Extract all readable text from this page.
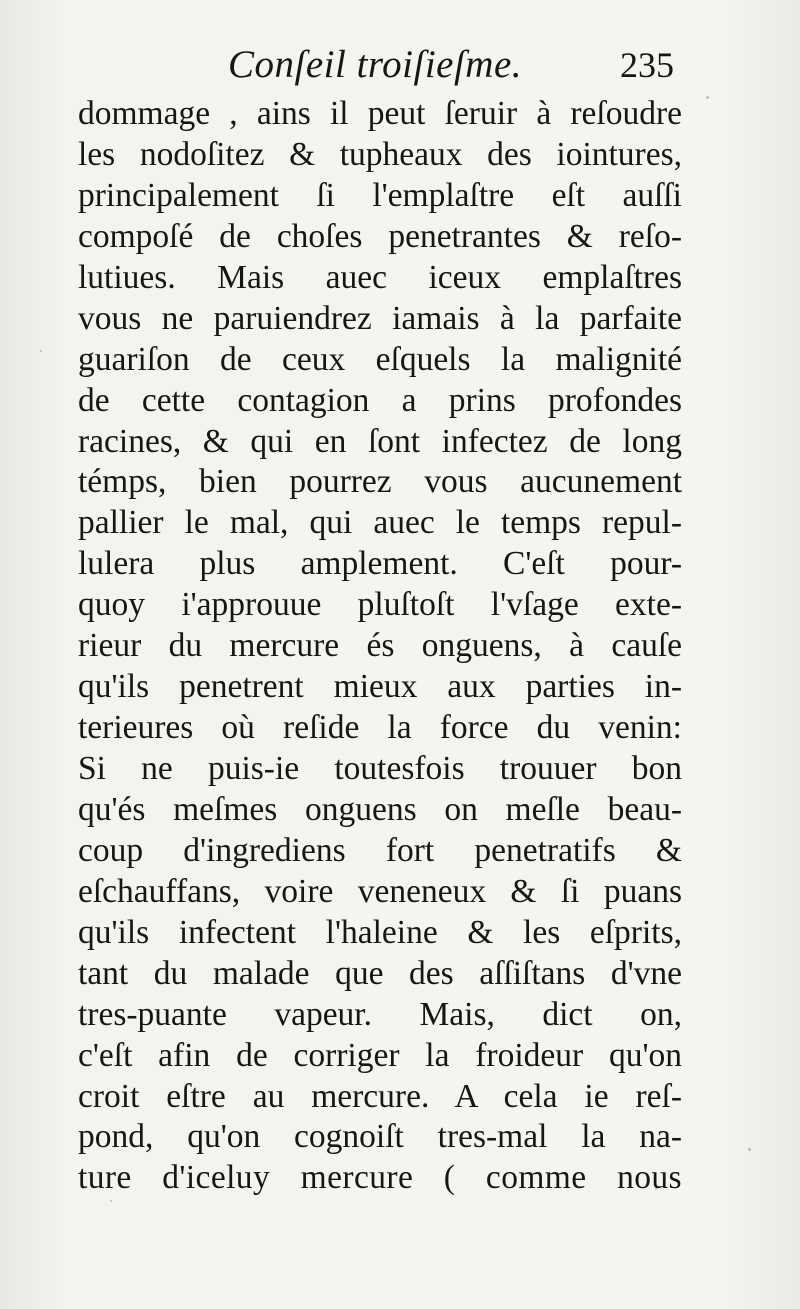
Conſeil troiſieſme.	235
dommage , ains il peut ſeruir à reſoudre
les nodoſitez & tupheaux des iointures,
principalement ſi l'emplaſtre eſt auſſi
compoſé de choſes penetrantes & reſo-
lutiues. Mais auec iceux emplaſtres
vous ne paruiendrez iamais à la parfaite
guariſon de ceux eſquels la malignité
de cette contagion a prins profondes
racines, & qui en ſont infectez de long
témps, bien pourrez vous aucunement
pallier le mal, qui auec le temps repul-
lulera plus amplement. C'eſt pour-
quoy i'approuue pluſtoſt l'vſage exte-
rieur du mercure és onguens, à cauſe
qu'ils penetrent mieux aux parties in-
terieures où reſide la force du venin:
Si ne puis-ie toutesfois trouuer bon
qu'és meſmes onguens on meſle beau-
coup d'ingrediens fort penetratifs &
eſchauffans, voire veneneux & ſi puans
qu'ils infectent l'haleine & les eſprits,
tant du malade que des aſſiſtans d'vne
tres-puante vapeur. Mais, dict on,
c'eſt afin de corriger la froideur qu'on
croit eſtre au mercure. A cela ie reſ-
pond, qu'on cognoiſt tres-mal la na-
ture d'iceluy mercure ( comme nous
